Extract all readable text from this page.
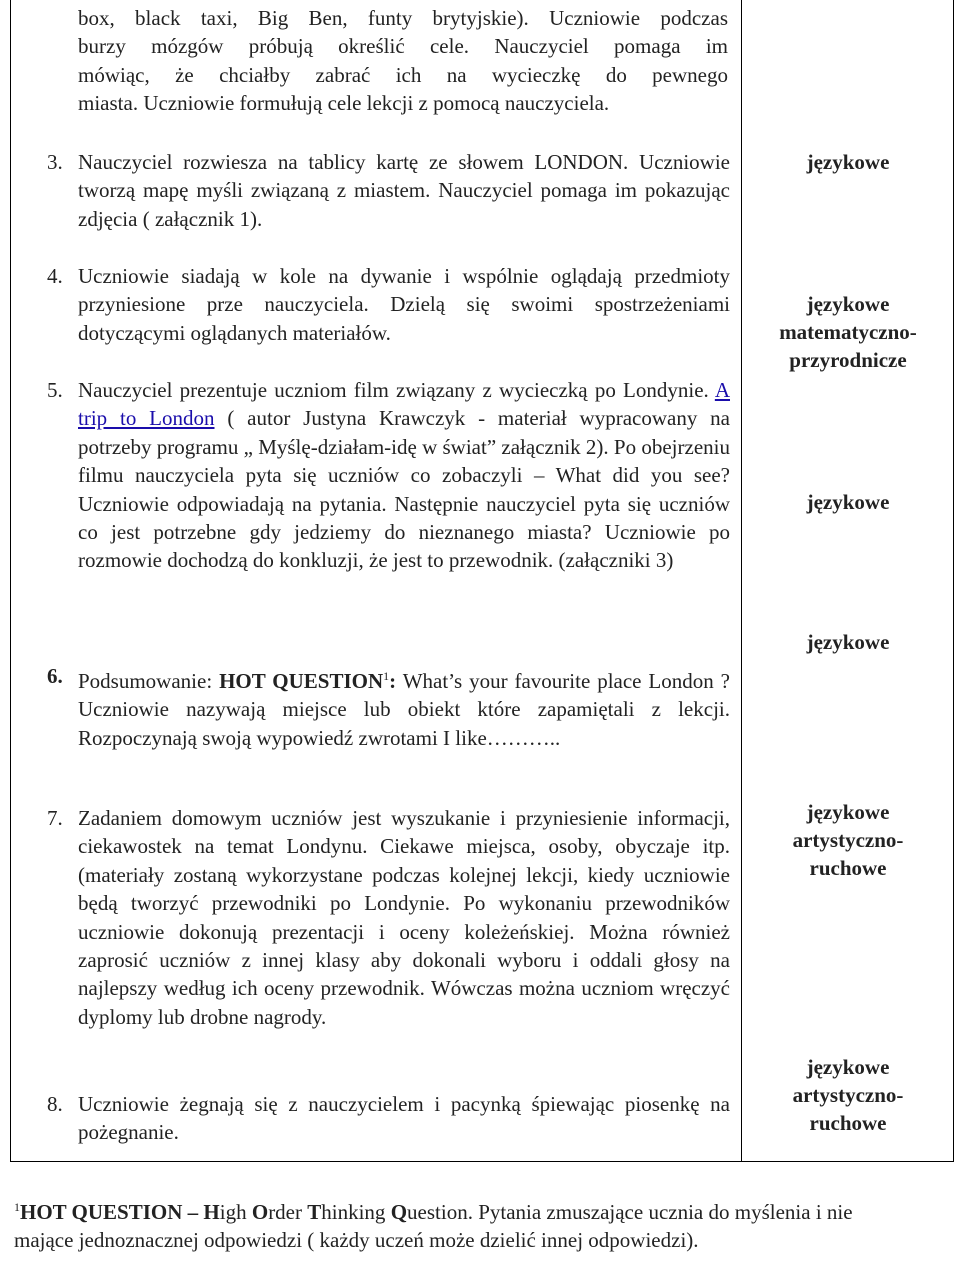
box, black taxi, Big Ben, funty brytyjskie). Uczniowie podczas

burzy mózgów próbują określić cele. Nauczyciel pomaga im

mówiąc, że chciałby zabrać ich na wycieczkę do pewnego

miasta. Uczniowie formułują cele lekcji z pomocą nauczyciela.

3. Nauczyciel rozwiesza na tablicy kartę ze słowem LONDON. Uczniowie tworzą mapę myśli związaną z miastem. Nauczyciel pomaga im pokazując zdjęcia ( załącznik 1).

4. Uczniowie siadają w kole na dywanie i wspólnie oglądają przedmioty przyniesione prze nauczyciela. Dzielą się swoimi spostrzeżeniami dotyczącymi oglądanych materiałów.

5. Nauczyciel prezentuje uczniom film związany z wycieczką po Londynie. A trip to London ( autor Justyna Krawczyk - materiał wypracowany na potrzeby programu „ Myślę-działam-idę w świat” załącznik 2). Po obejrzeniu filmu nauczyciela pyta się uczniów co zobaczyli – What did you see? Uczniowie odpowiadają na pytania. Następnie nauczyciel pyta się uczniów co jest potrzebne gdy jedziemy do nieznanego miasta? Uczniowie po rozmowie dochodzą do konkluzji, że jest to przewodnik. (załączniki 3)

6. Podsumowanie: HOT QUESTION$^1$: What’s your favourite place London ? Uczniowie nazywają miejsce lub obiekt które zapamiętali z lekcji. Rozpoczynają swoją wypowiedź zwrotami I like………..

7. Zadaniem domowym uczniów jest wyszukanie i przyniesienie informacji, ciekawostek na temat Londynu. Ciekawe miejsca, osoby, obyczaje itp. (materiały zostaną wykorzystane podczas kolejnej lekcji, kiedy uczniowie będą tworzyć przewodniki po Londynie. Po wykonaniu przewodników uczniowie dokonują prezentacji i oceny koleżeńskiej. Można również zaprosić uczniów z innej klasy aby dokonali wyboru i oddali głosy na najlepszy według ich oceny przewodnik. Wówczas można uczniom wręczyć dyplomy lub drobne nagrody.

8. Uczniowie żegnają się z nauczycielem i pacynką śpiewając piosenkę na pożegnanie.

językowe
językowe
matematyczno-
przyrodnicze
językowe
językowe
językowe
artystyczno-
ruchowe
językowe
artystyczno-
ruchowe
$^1$HOT QUESTION – High Order Thinking Question. Pytania zmuszające ucznia do myślenia i nie mające jednoznacznej odpowiedzi ( każdy uczeń może dzielić innej odpowiedzi).
